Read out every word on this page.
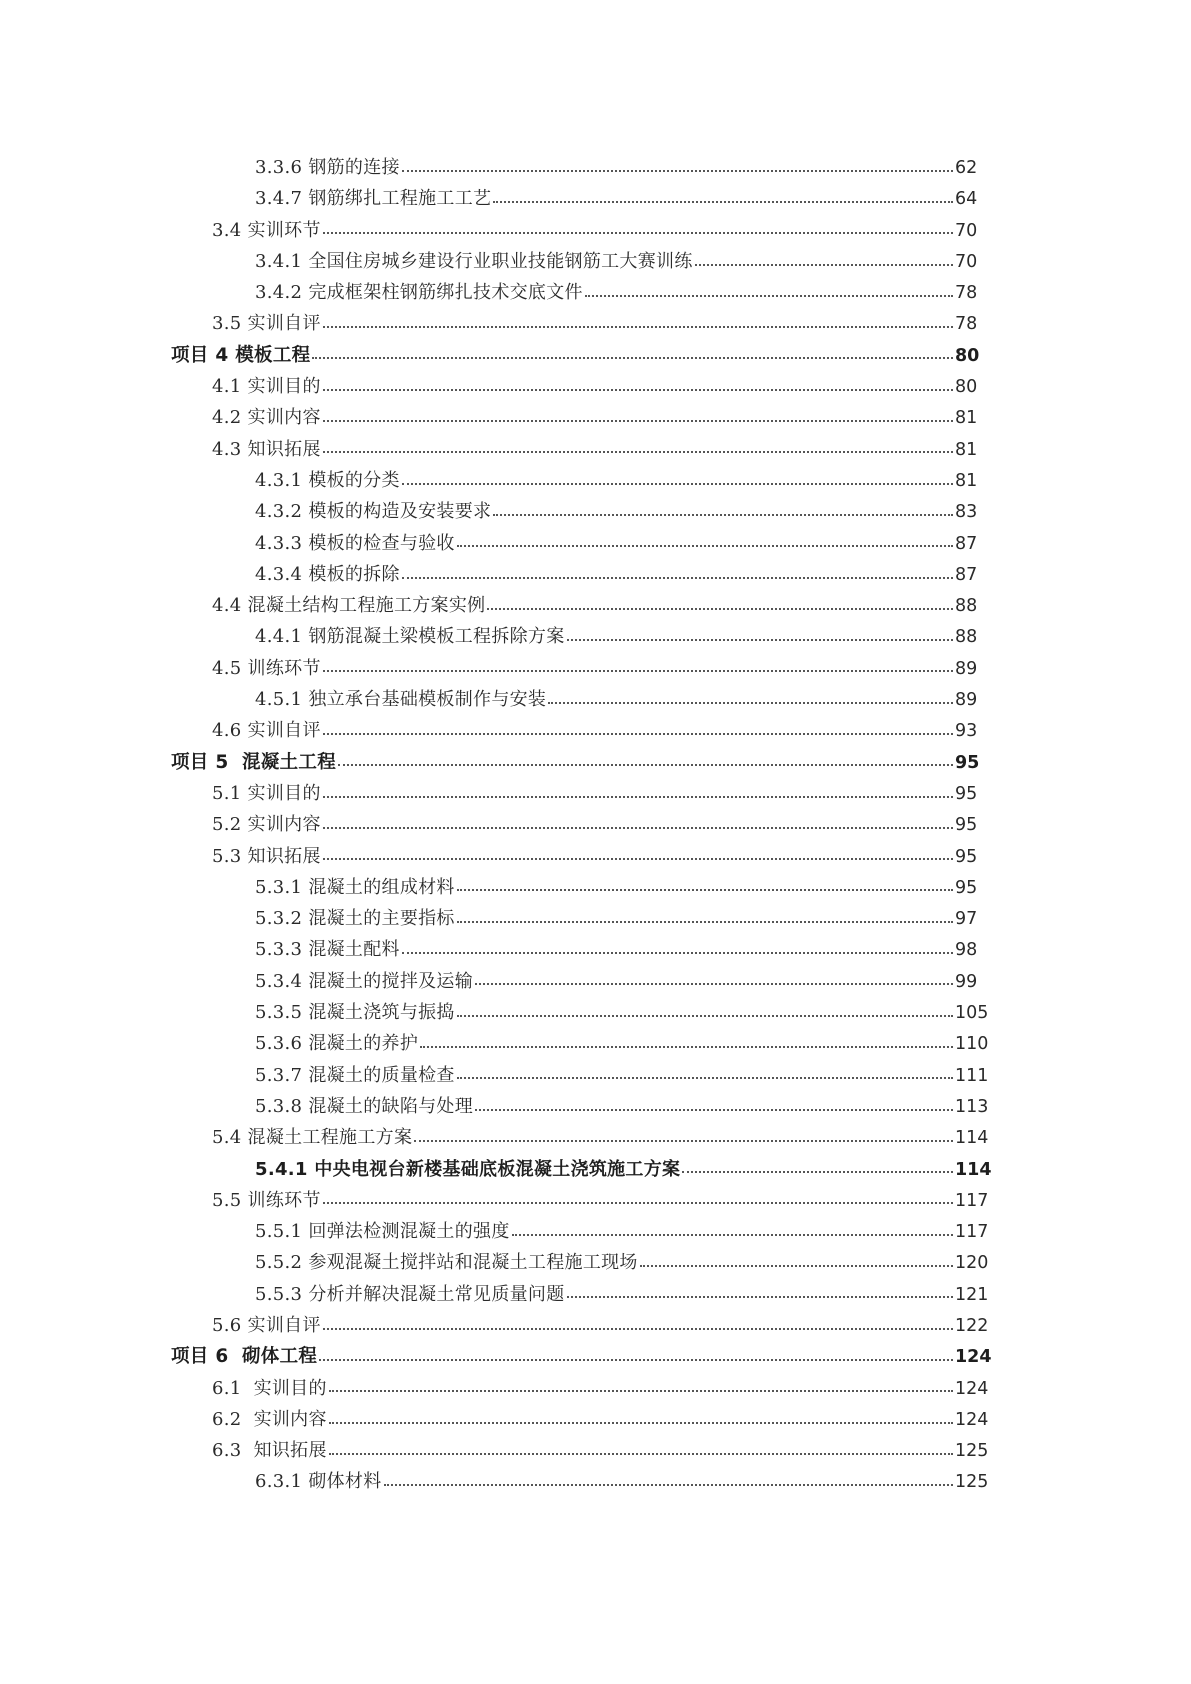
3.3.6 钢筋的连接	62
3.4.7 钢筋绑扎工程施工工艺	64
3.4 实训环节	70
3.4.1 全国住房城乡建设行业职业技能钢筋工大赛训练	70
3.4.2 完成框架柱钢筋绑扎技术交底文件	78
3.5 实训自评	78
项目 4 模板工程	80
4.1 实训目的	80
4.2 实训内容	81
4.3 知识拓展	81
4.3.1 模板的分类	81
4.3.2 模板的构造及安装要求	83
4.3.3 模板的检查与验收	87
4.3.4 模板的拆除	87
4.4 混凝土结构工程施工方案实例	88
4.4.1 钢筋混凝土梁模板工程拆除方案	88
4.5 训练环节	89
4.5.1 独立承台基础模板制作与安装	89
4.6 实训自评	93
项目 5  混凝土工程	95
5.1 实训目的	95
5.2 实训内容	95
5.3 知识拓展	95
5.3.1 混凝土的组成材料	95
5.3.2 混凝土的主要指标	97
5.3.3 混凝土配料	98
5.3.4 混凝土的搅拌及运输	99
5.3.5 混凝土浇筑与振捣	105
5.3.6 混凝土的养护	110
5.3.7 混凝土的质量检查	111
5.3.8 混凝土的缺陷与处理	113
5.4 混凝土工程施工方案	114
5.4.1 中央电视台新楼基础底板混凝土浇筑施工方案	114
5.5 训练环节	117
5.5.1 回弹法检测混凝土的强度	117
5.5.2 参观混凝土搅拌站和混凝土工程施工现场	120
5.5.3 分析并解决混凝土常见质量问题	121
5.6 实训自评	122
项目 6  砌体工程	124
6.1  实训目的	124
6.2  实训内容	124
6.3  知识拓展	125
6.3.1 砌体材料	125
